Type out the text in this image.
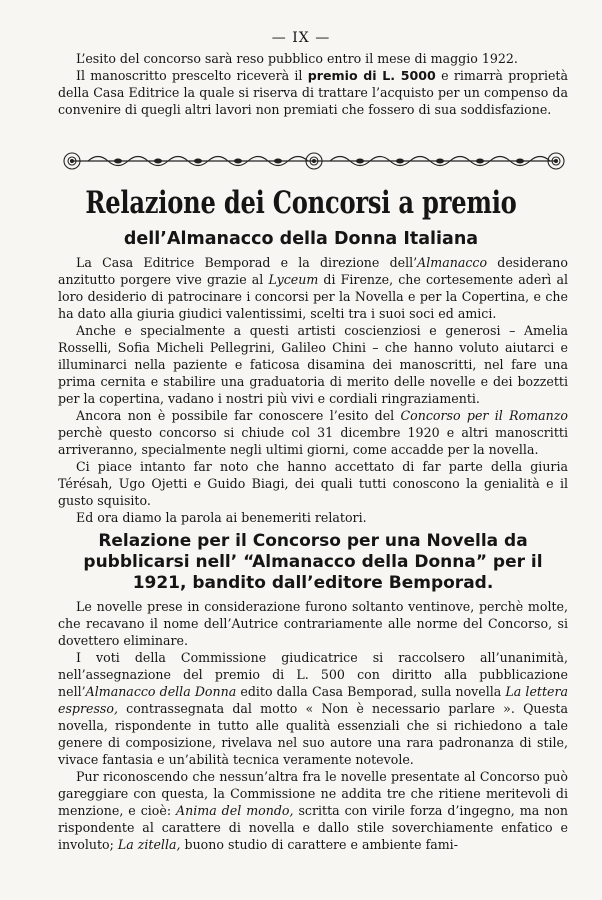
— IX —

L’esito del concorso sarà reso pubblico entro il mese di maggio 1922.

Il manoscritto prescelto riceverà il premio di L. 5000 e rimarrà proprietà della Casa Editrice la quale si riserva di trattare l’acquisto per un compenso da convenire di quegli altri lavori non premiati che fossero di sua soddisfazione.

Relazione dei Concorsi a premio
dell’Almanacco della Donna Italiana

La Casa Editrice Bemporad e la direzione dell’Almanacco desiderano anzitutto porgere vive grazie al Lyceum di Firenze, che cortesemente aderì al loro desiderio di patrocinare i concorsi per la Novella e per la Copertina, e che ha dato alla giuria giudici valentissimi, scelti tra i suoi soci ed amici.

Anche e specialmente a questi artisti coscienziosi e generosi – Amelia Rosselli, Sofia Micheli Pellegrini, Galileo Chini – che hanno voluto aiutarci e illuminarci nella paziente e faticosa disamina dei manoscritti, nel fare una prima cernita e stabilire una graduatoria di merito delle novelle e dei bozzetti per la copertina, vadano i nostri più vivi e cordiali ringraziamenti.

Ancora non è possibile far conoscere l’esito del Concorso per il Romanzo perchè questo concorso si chiude col 31 dicembre 1920 e altri manoscritti arriveranno, specialmente negli ultimi giorni, come accadde per la novella.

Ci piace intanto far noto che hanno accettato di far parte della giuria Térésah, Ugo Ojetti e Guido Biagi, dei quali tutti conoscono la genialità e il gusto squisito.

Ed ora diamo la parola ai benemeriti relatori.

Relazione per il Concorso per una Novella da pubblicarsi nell’ “Almanacco della Donna” per il 1921, bandito dall’editore Bemporad.

Le novelle prese in considerazione furono soltanto ventinove, perchè molte, che recavano il nome dell’Autrice contrariamente alle norme del Concorso, si dovettero eliminare.

I voti della Commissione giudicatrice si raccolsero all’unanimità, nell’assegnazione del premio di L. 500 con diritto alla pubblicazione nell’Almanacco della Donna edito dalla Casa Bemporad, sulla novella La lettera espresso, contrassegnata dal motto « Non è necessario parlare ». Questa novella, rispondente in tutto alle qualità essenziali che si richiedono a tale genere di composizione, rivelava nel suo autore una rara padronanza di stile, vivace fantasia e un’abilità tecnica veramente notevole.

Pur riconoscendo che nessun’altra fra le novelle presentate al Concorso può gareggiare con questa, la Commissione ne addita tre che ritiene meritevoli di menzione, e cioè: Anima del mondo, scritta con virile forza d’ingegno, ma non rispondente al carattere di novella e dallo stile soverchiamente enfatico e involuto; La zitella, buono studio di carattere e ambiente fami-
